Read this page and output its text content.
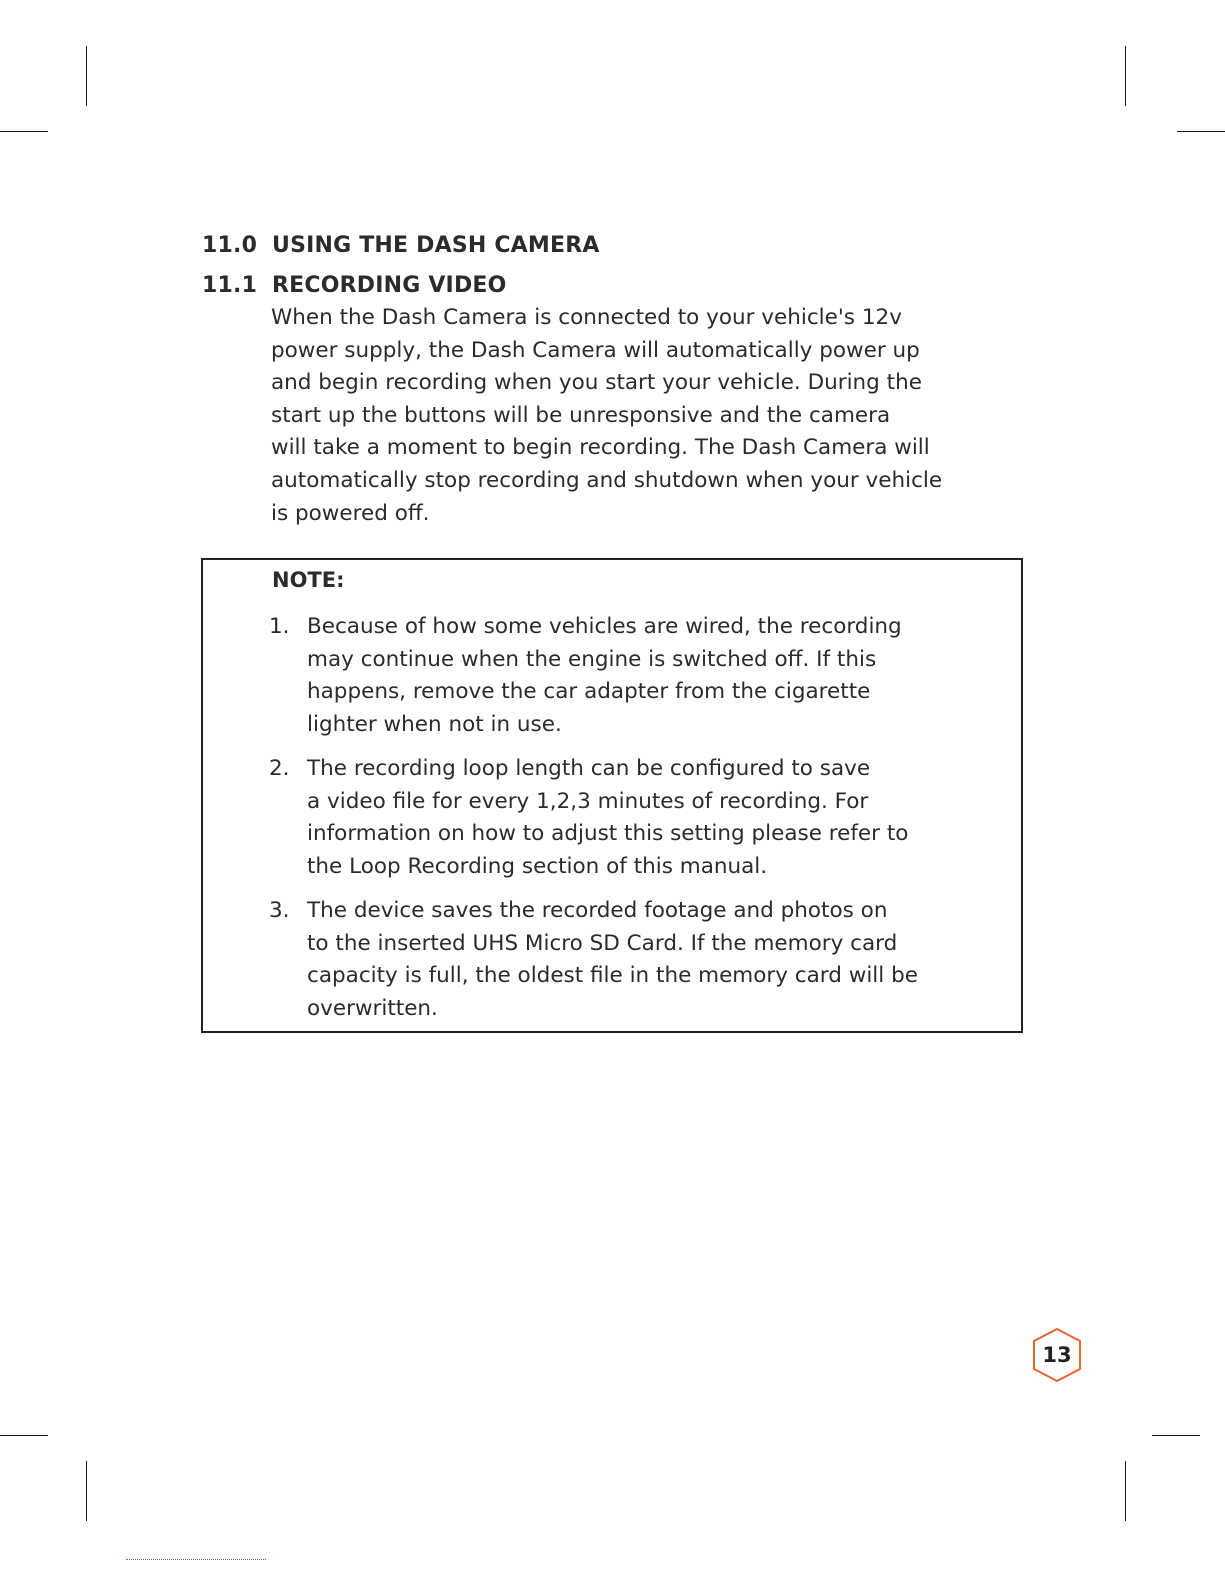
11.0 USING THE DASH CAMERA
11.1 RECORDING VIDEO
When the Dash Camera is connected to your vehicle's 12v
power supply, the Dash Camera will automatically power up
and begin recording when you start your vehicle. During the
start up the buttons will be unresponsive and the camera
will take a moment to begin recording. The Dash Camera will
automatically stop recording and shutdown when your vehicle
is powered off.
NOTE:
1. Because of how some vehicles are wired, the recording
may continue when the engine is switched off. If this
happens, remove the car adapter from the cigarette
lighter when not in use.
2. The recording loop length can be configured to save
a video file for every 1,2,3 minutes of recording. For
information on how to adjust this setting please refer to
the Loop Recording section of this manual.
3. The device saves the recorded footage and photos on
to the inserted UHS Micro SD Card. If the memory card
capacity is full, the oldest file in the memory card will be
overwritten.
13
